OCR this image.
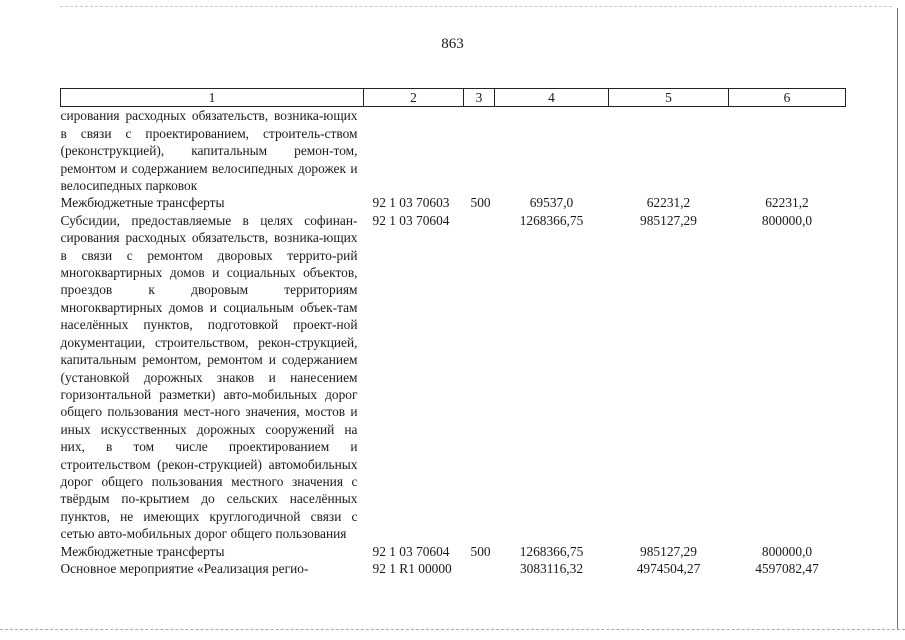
863
1	2	3	4	5	6
сирования расходных обязательств, возника-ющих в связи с проектированием, строитель-ством (реконструкцией), капитальным ремон-том, ремонтом и содержанием велосипедных дорожек и велосипедных парковок					
Межбюджетные трансферты	92 1 03 70603	500	69537,0	62231,2	62231,2
Субсидии, предоставляемые в целях софинан-сирования расходных обязательств, возника-ющих в связи с ремонтом дворовых террито-рий многоквартирных домов и социальных объектов, проездов к дворовым территориям многоквартирных домов и социальным объек-там населённых пунктов, подготовкой проект-ной документации, строительством, рекон-струкцией, капитальным ремонтом, ремонтом и содержанием (установкой дорожных знаков и нанесением горизонтальной разметки) авто-мобильных дорог общего пользования мест-ного значения, мостов и иных искусственных дорожных сооружений на них, в том числе проектированием и строительством (рекон-струкцией) автомобильных дорог общего пользования местного значения с твёрдым по-крытием до сельских населённых пунктов, не имеющих круглогодичной связи с сетью авто-мобильных дорог общего пользования	92 1 03 70604		1268366,75	985127,29	800000,0
Межбюджетные трансферты	92 1 03 70604	500	1268366,75	985127,29	800000,0
Основное мероприятие «Реализация регио-	92 1 R1 00000		3083116,32	4974504,27	4597082,47
